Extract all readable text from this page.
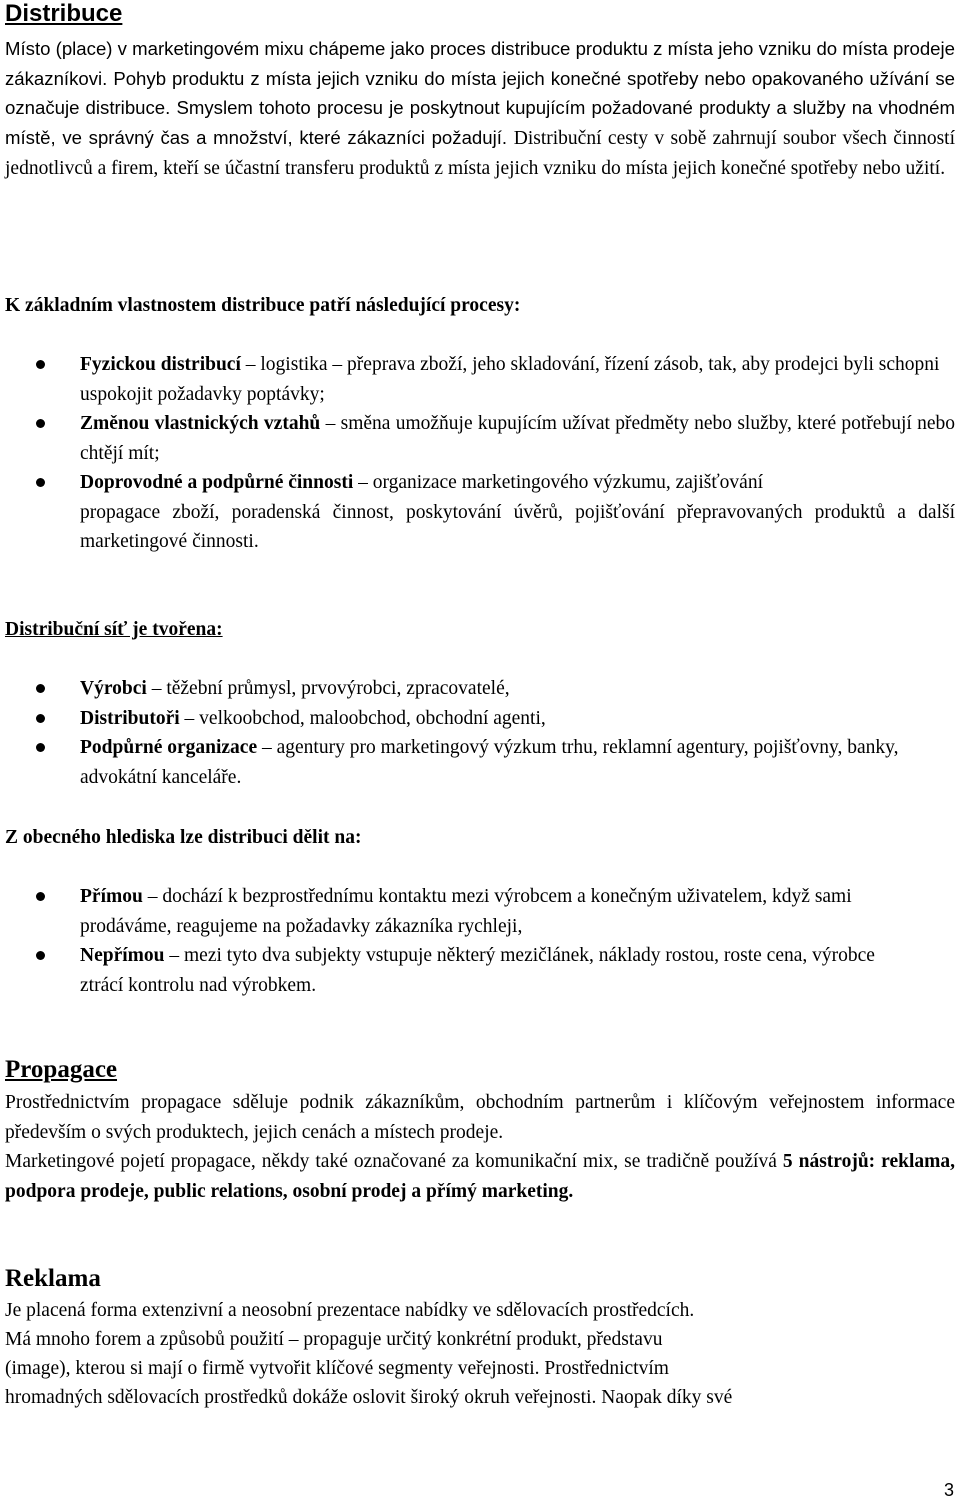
Distribuce

Místo (place) v marketingovém mixu chápeme jako proces distribuce produktu z místa jeho vzniku do místa prodeje zákazníkovi. Pohyb produktu z místa jejich vzniku do místa jejich konečné spotřeby nebo opakovaného užívání se označuje distribuce. Smyslem tohoto procesu je poskytnout kupujícím požadované produkty a služby na vhodném místě, ve správný čas a množství, které zákazníci požadují. Distribuční cesty v sobě zahrnují soubor všech činností jednotlivců a firem, kteří se účastní transferu produktů z místa jejich vzniku do místa jejich konečné spotřeby nebo užití.

K základním vlastnostem distribuce patří následující procesy:

Fyzickou distribucí – logistika – přeprava zboží, jeho skladování, řízení zásob, tak, aby prodejci byli schopni uspokojit požadavky poptávky;
Změnou vlastnických vztahů – směna umožňuje kupujícím užívat předměty nebo služby, které potřebují nebo chtějí mít;
Doprovodné a podpůrné činnosti – organizace marketingového výzkumu, zajišťování
propagace zboží, poradenská činnost, poskytování úvěrů, pojišťování přepravovaných produktů a další marketingové činnosti.

Distribuční síť je tvořena:

Výrobci – těžební průmysl, prvovýrobci, zpracovatelé,
Distributoři – velkoobchod, maloobchod, obchodní agenti,
Podpůrné organizace – agentury pro marketingový výzkum trhu, reklamní agentury, pojišťovny, banky, advokátní kanceláře.

Z obecného hlediska lze distribuci dělit na:

Přímou – dochází k bezprostřednímu kontaktu mezi výrobcem a konečným uživatelem, když sami prodáváme, reagujeme na požadavky zákazníka rychleji,
Nepřímou – mezi tyto dva subjekty vstupuje některý mezičlánek, náklady rostou, roste cena, výrobce ztrácí kontrolu nad výrobkem.
Propagace

Prostřednictvím propagace sděluje podnik zákazníkům, obchodním partnerům i klíčovým veřejnostem informace především o svých produktech, jejich cenách a místech prodeje.

Marketingové pojetí propagace, někdy také označované za komunikační mix, se tradičně používá 5 nástrojů: reklama, podpora prodeje, public relations, osobní prodej a přímý marketing.

Reklama

Je placená forma extenzivní a neosobní prezentace nabídky ve sdělovacích prostředcích.

Má mnoho forem a způsobů použití – propaguje určitý konkrétní produkt, představu

(image), kterou si mají o firmě vytvořit klíčové segmenty veřejnosti. Prostřednictvím

hromadných sdělovacích prostředků dokáže oslovit široký okruh veřejnosti. Naopak díky své

3
